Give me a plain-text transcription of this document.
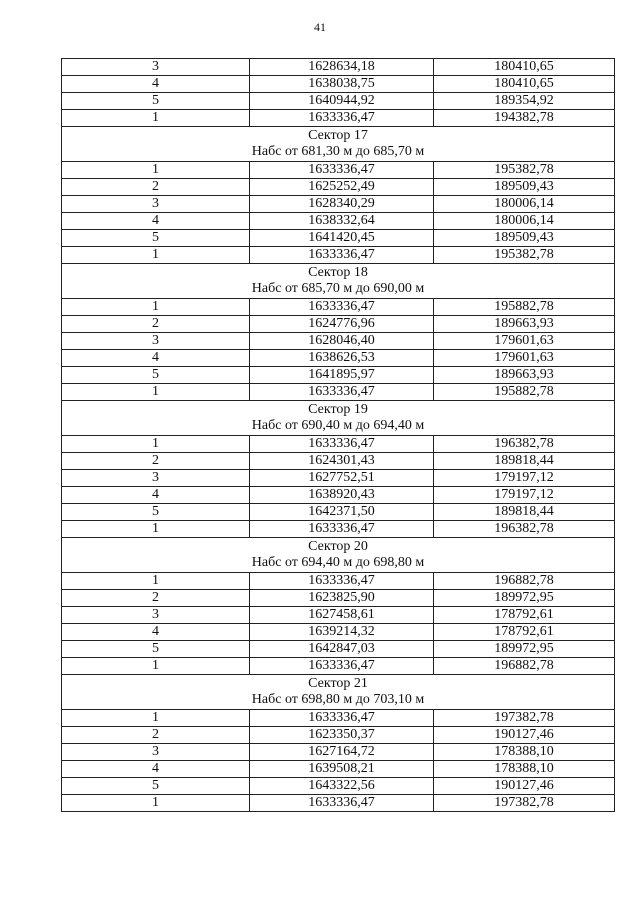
41
3	1628634,18	180410,65
4	1638038,75	180410,65
5	1640944,92	189354,92
1	1633336,47	194382,78

Сектор 17
Набс от 681,30 м до 685,70 м		

1	1633336,47	195382,78
2	1625252,49	189509,43
3	1628340,29	180006,14
4	1638332,64	180006,14
5	1641420,45	189509,43
1	1633336,47	195382,78

Сектор 18
Набс от 685,70 м до 690,00 м		

1	1633336,47	195882,78
2	1624776,96	189663,93
3	1628046,40	179601,63
4	1638626,53	179601,63
5	1641895,97	189663,93
1	1633336,47	195882,78

Сектор 19
Набс от 690,40 м до 694,40 м		

1	1633336,47	196382,78
2	1624301,43	189818,44
3	1627752,51	179197,12
4	1638920,43	179197,12
5	1642371,50	189818,44
1	1633336,47	196382,78

Сектор 20
Набс от 694,40 м до 698,80 м		

1	1633336,47	196882,78
2	1623825,90	189972,95
3	1627458,61	178792,61
4	1639214,32	178792,61
5	1642847,03	189972,95
1	1633336,47	196882,78

Сектор 21
Набс от 698,80 м до 703,10 м		

1	1633336,47	197382,78
2	1623350,37	190127,46
3	1627164,72	178388,10
4	1639508,21	178388,10
5	1643322,56	190127,46
1	1633336,47	197382,78
